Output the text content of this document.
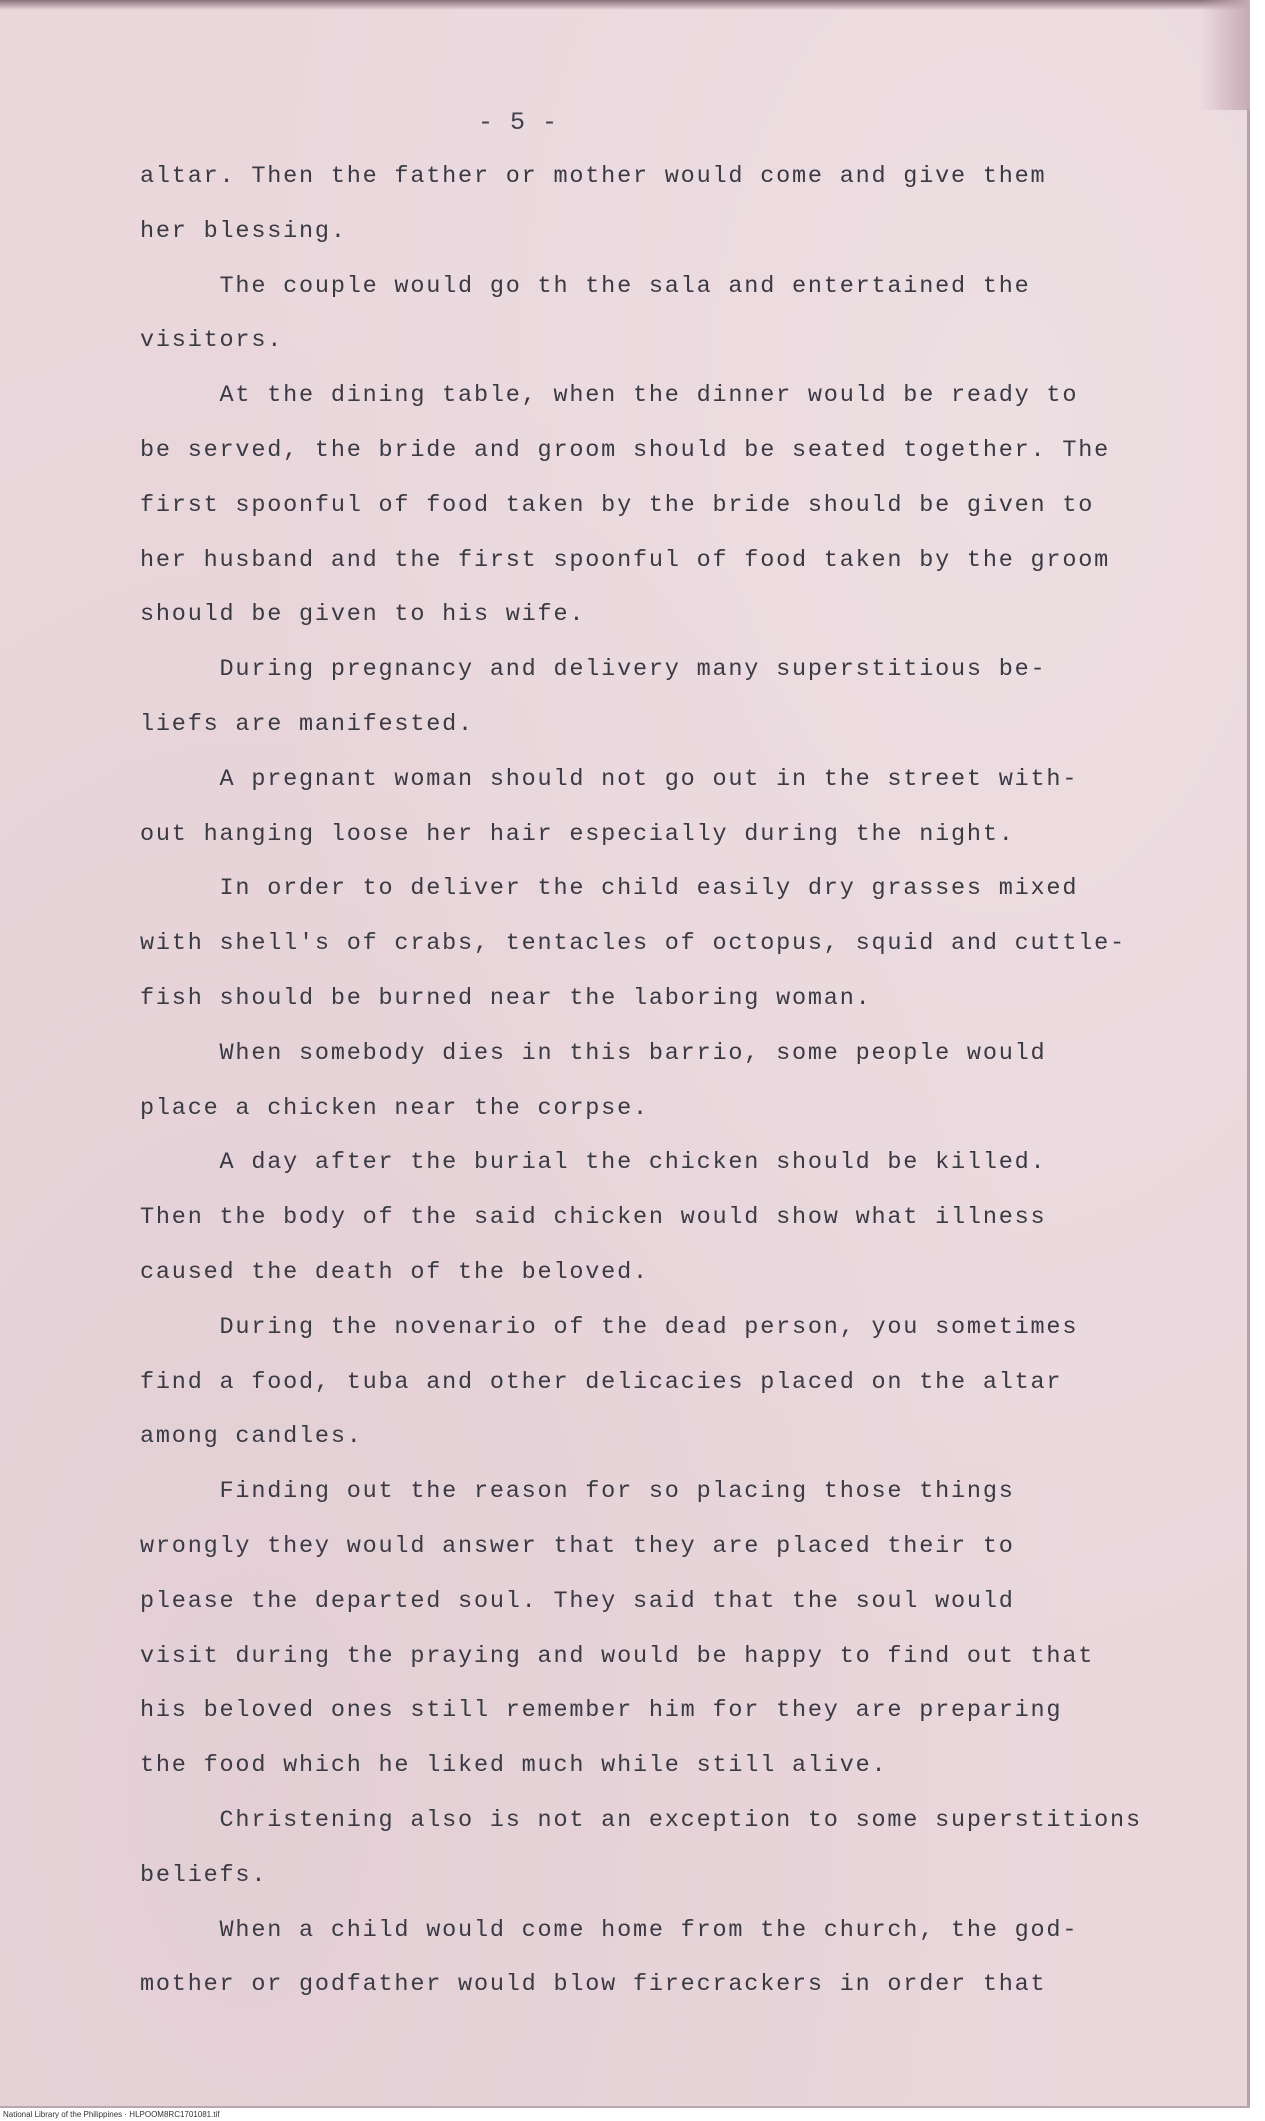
- 5 -

altar. Then the father or mother would come and give them
her blessing.
The couple would go th the sala and entertained the
visitors.
At the dining table, when the dinner would be ready to
be served, the bride and groom should be seated together. The
first spoonful of food taken by the bride should be given to
her husband and the first spoonful of food taken by the groom
should be given to his wife.
During pregnancy and delivery many superstitious be-
liefs are manifested.
A pregnant woman should not go out in the street with-
out hanging loose her hair especially during the night.
In order to deliver the child easily dry grasses mixed
with shell's of crabs, tentacles of octopus, squid and cuttle-
fish should be burned near the laboring woman.
When somebody dies in this barrio, some people would
place a chicken near the corpse.
A day after the burial the chicken should be killed.
Then the body of the said chicken would show what illness
caused the death of the beloved.
During the novenario of the dead person, you sometimes
find a food, tuba and other delicacies placed on the altar
among candles.
Finding out the reason for so placing those things
wrongly they would answer that they are placed their to
please the departed soul. They said that the soul would
visit during the praying and would be happy to find out that
his beloved ones still remember him for they are preparing
the food which he liked much while still alive.
Christening also is not an exception to some superstitions
beliefs.
When a child would come home from the church, the god-
mother or godfather would blow firecrackers in order that

National Library of the Philippines · HLPOOM8RC1701081.tif
